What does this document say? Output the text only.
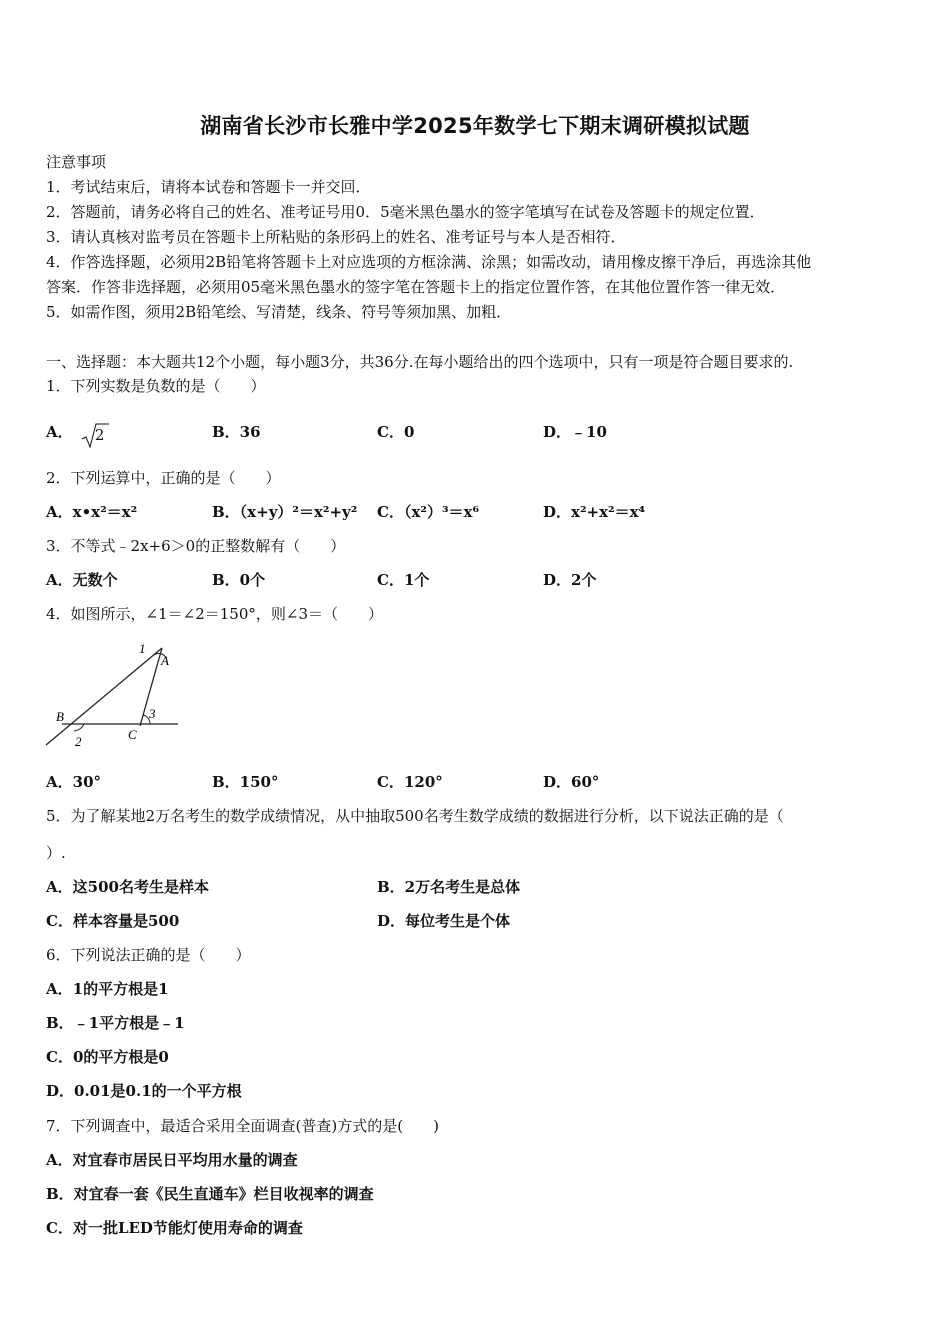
湖南省长沙市长雅中学2025年数学七下期末调研模拟试题
注意事项
1．考试结束后，请将本试卷和答题卡一并交回．
2．答题前，请务必将自己的姓名、准考证号用0．5毫米黑色墨水的签字笔填写在试卷及答题卡的规定位置．
3．请认真核对监考员在答题卡上所粘贴的条形码上的姓名、准考证号与本人是否相符．
4．作答选择题，必须用2B铅笔将答题卡上对应选项的方框涂满、涂黑；如需改动，请用橡皮擦干净后，再选涂其他
答案．作答非选择题，必须用05毫米黑色墨水的签字笔在答题卡上的指定位置作答，在其他位置作答一律无效．
5．如需作图，须用2B铅笔绘、写清楚，线条、符号等须加黑、加粗．
一、选择题：本大题共12个小题，每小题3分，共36分.在每小题给出的四个选项中，只有一项是符合题目要求的.
1．下列实数是负数的是（　　）
A． 2	B．36	C．0	D．﹣10
2．下列运算中，正确的是（　　）
A．x•x²＝x²	B．（x+y）²＝x²+y² C．（x²）³＝x⁶	D．x²+x²＝x⁴
3．不等式﹣2x+6＞0的正整数解有（　　）
A．无数个	B．0个	C．1个	D．2个
4．如图所示，∠1＝∠2＝150°，则∠3＝（　　）
1
A
B
2	C
3
A．30°	B．150°	C．120°	D．60°
5．为了解某地2万名考生的数学成绩情况，从中抽取500名考生数学成绩的数据进行分析，以下说法正确的是（
）.
A．这500名考生是样本	B．2万名考生是总体
C．样本容量是500	D．每位考生是个体
6．下列说法正确的是（　　）
A．1的平方根是1
B．﹣1平方根是﹣1
C．0的平方根是0
D．0.01是0.1的一个平方根
7．下列调查中，最适合采用全面调查(普查)方式的是(　　)
A．对宜春市居民日平均用水量的调查
B．对宜春一套《民生直通车》栏目收视率的调查
C．对一批LED节能灯使用寿命的调查
